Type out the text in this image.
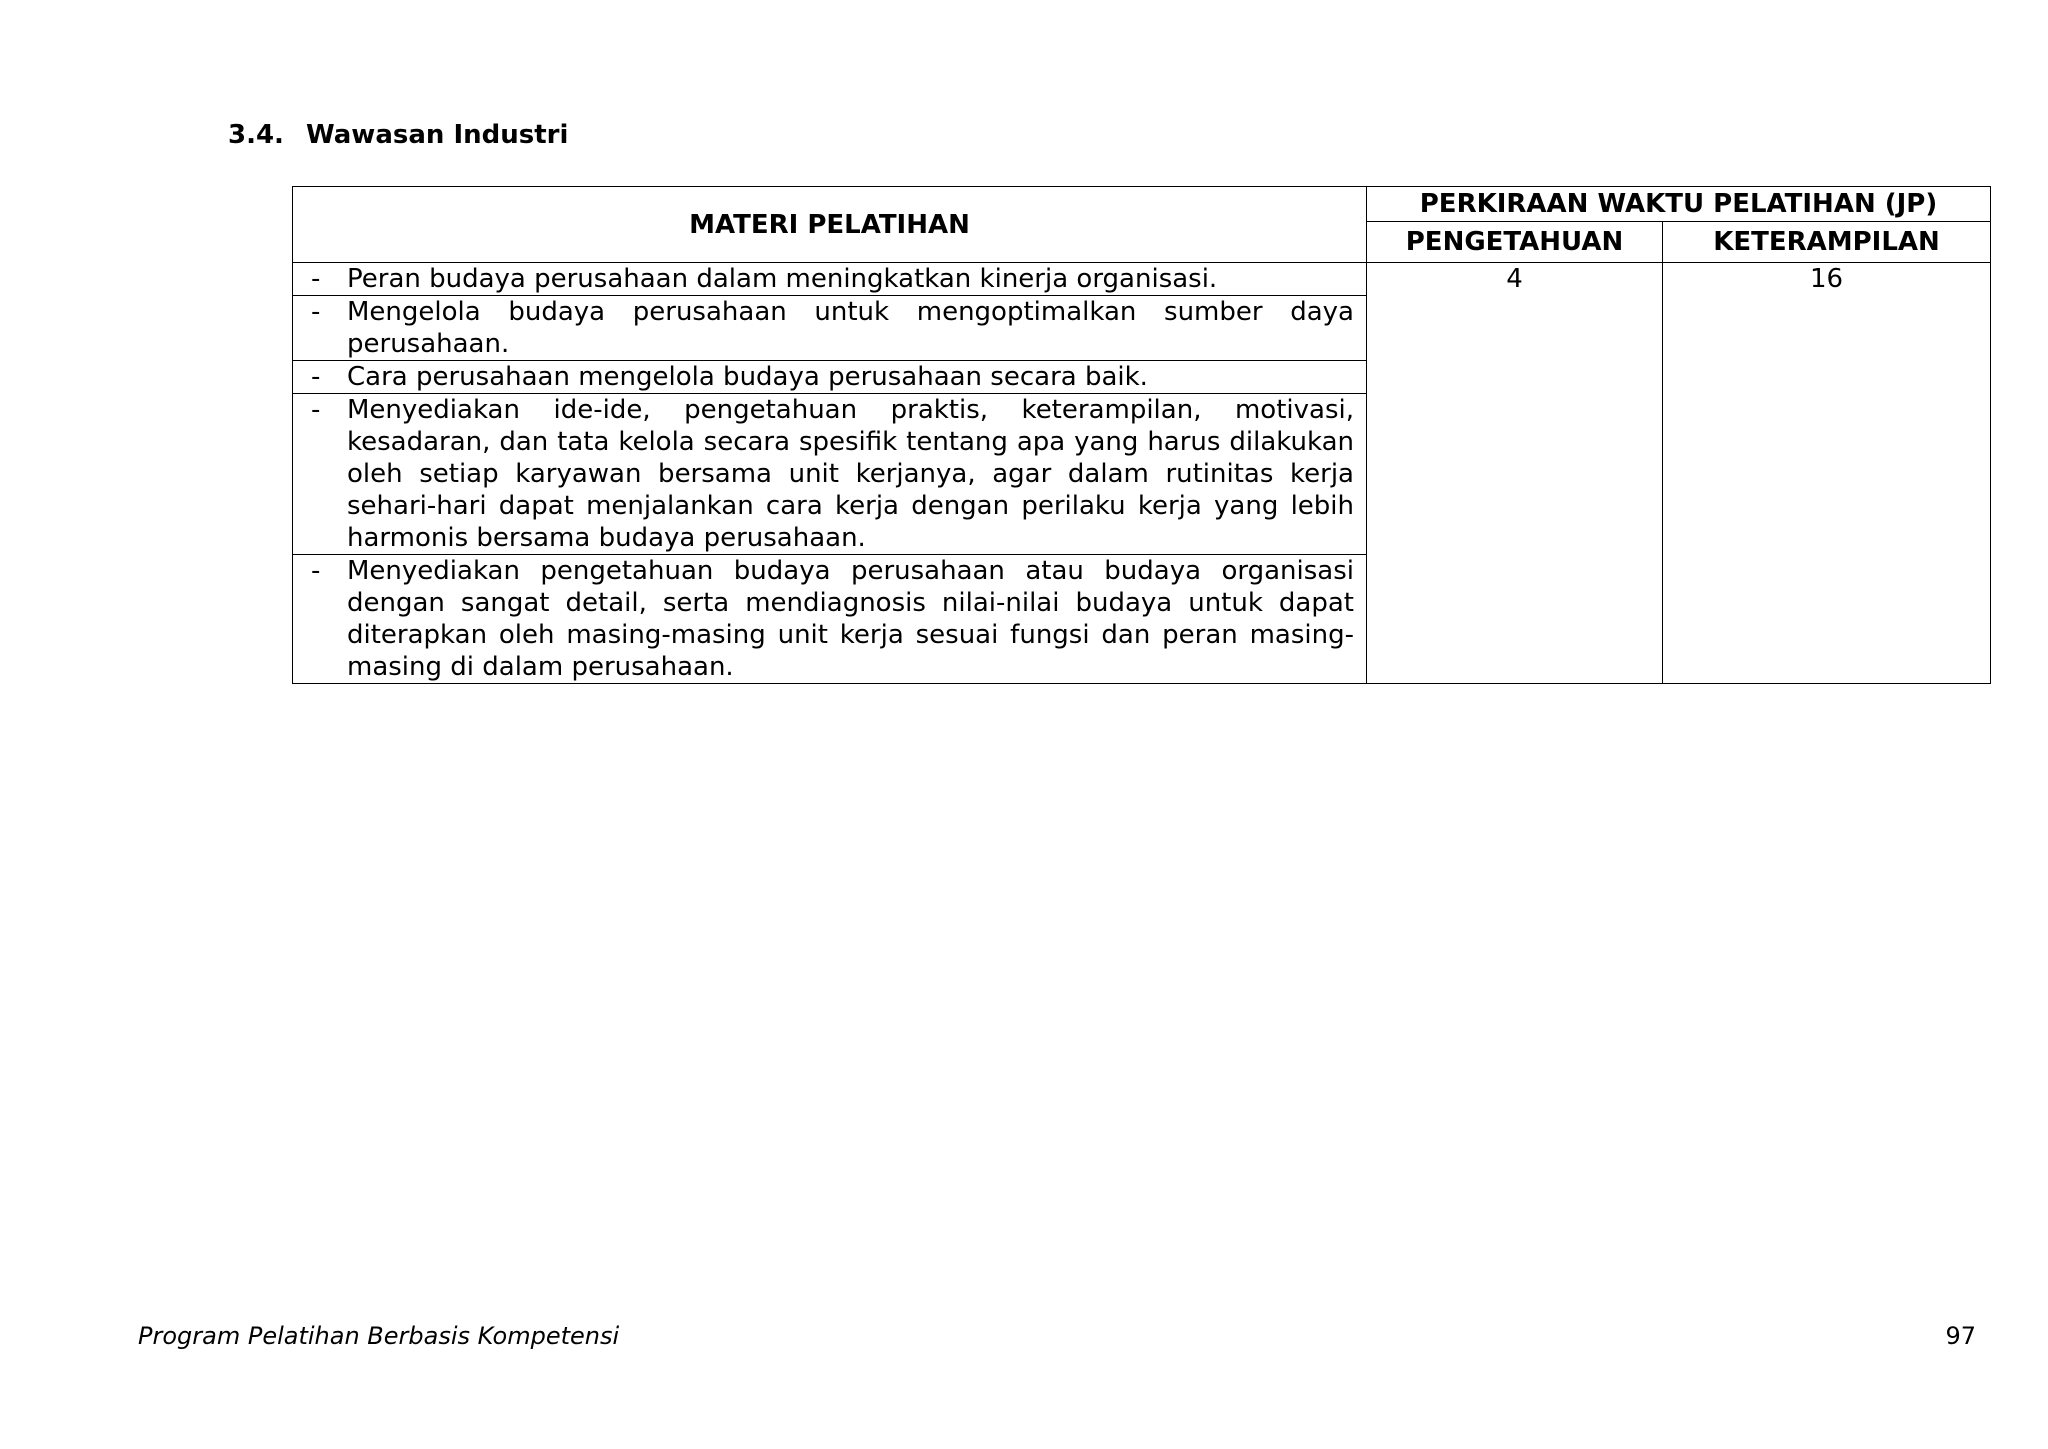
3.4. Wawasan Industri
MATERI PELATIHAN	PERKIRAAN WAKTU PELATIHAN (JP)	
	PENGETAHUAN	KETERAMPILAN

- Peran budaya perusahaan dalam meningkatkan kinerja organisasi.	4	16

- Mengelola budaya perusahaan untuk mengoptimalkan sumber daya perusahaan.		

- Cara perusahaan mengelola budaya perusahaan secara baik.		

- Menyediakan ide-ide, pengetahuan praktis, keterampilan, motivasi, kesadaran, dan tata kelola secara spesifik tentang apa yang harus dilakukan oleh setiap karyawan bersama unit kerjanya, agar dalam rutinitas kerja sehari-hari dapat menjalankan cara kerja dengan perilaku kerja yang lebih harmonis bersama budaya perusahaan.		

- Menyediakan pengetahuan budaya perusahaan atau budaya organisasi dengan sangat detail, serta mendiagnosis nilai-nilai budaya untuk dapat diterapkan oleh masing-masing unit kerja sesuai fungsi dan peran masing-masing di dalam perusahaan.		
Program Pelatihan Berbasis Kompetensi	97
